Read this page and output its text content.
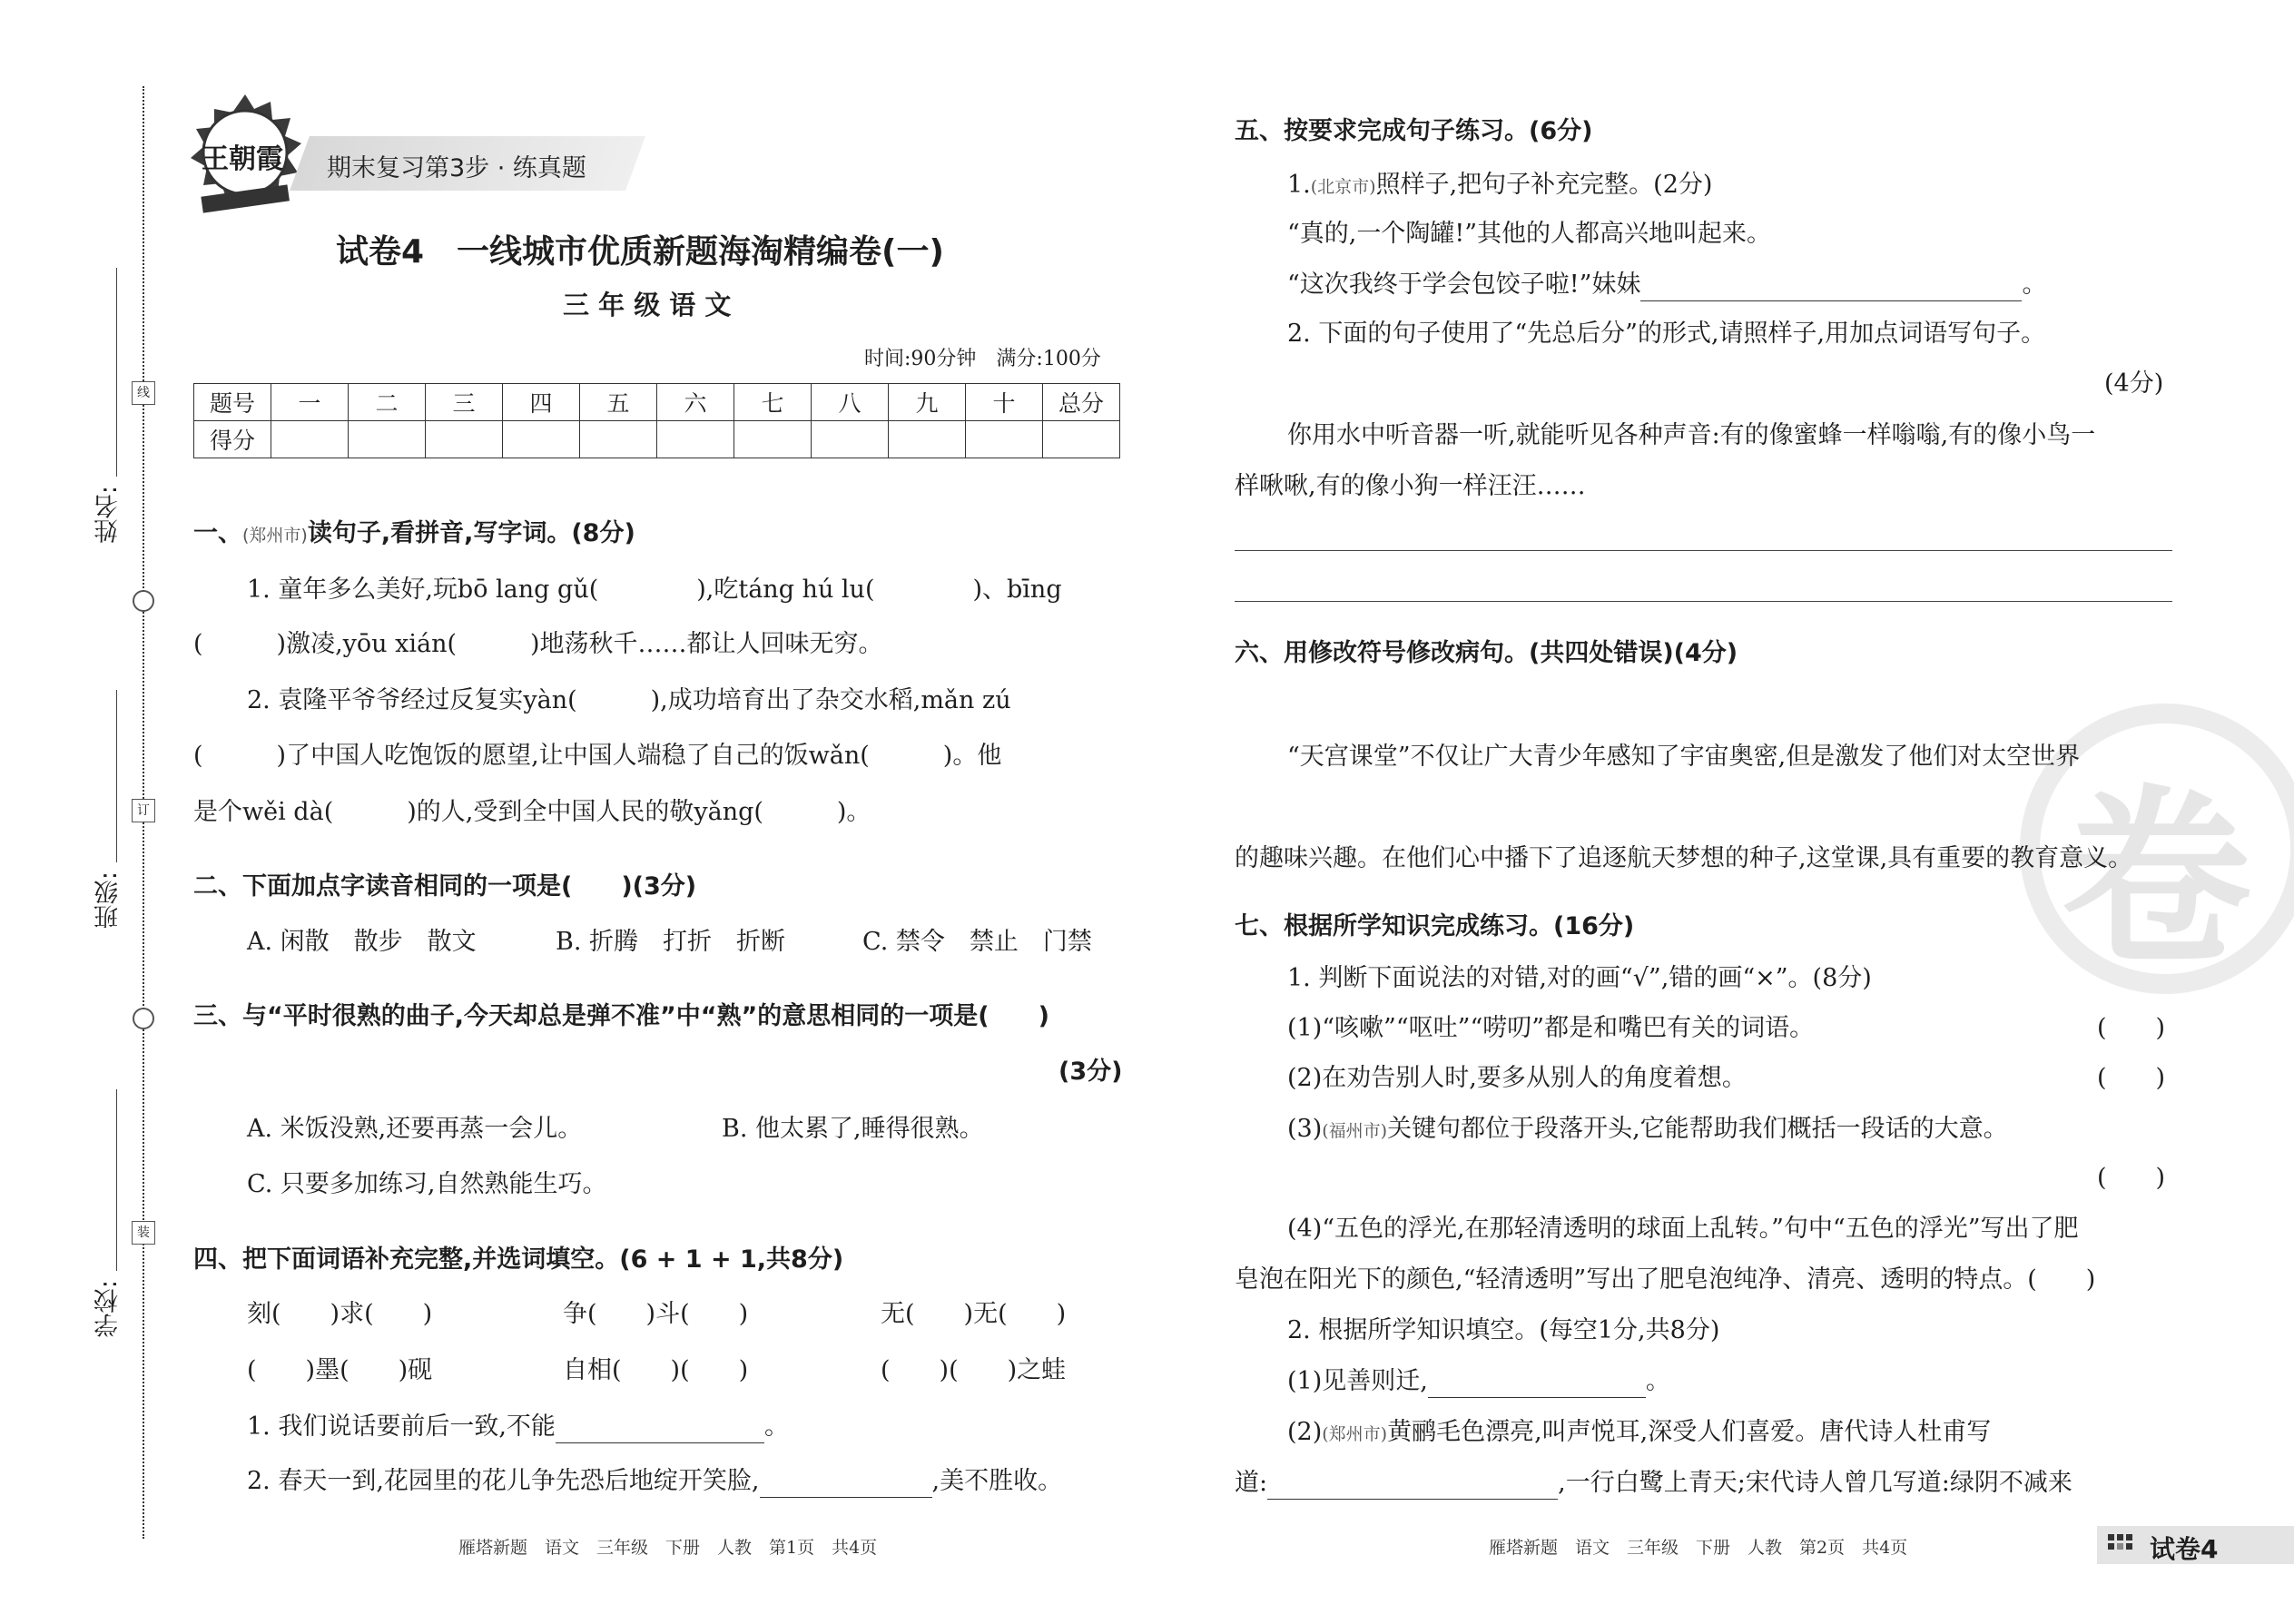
姓名:
班级:
学校:
线
订
装
王朝霞 期末复习第3步 · 练真题
试卷4　一线城市优质新题海淘精编卷(一)
三 年 级 语 文
时间:90分钟　满分:100分
题号	一	二	三	四	五	六	七	八	九	十	总分
得分											
一、(郑州市)读句子,看拼音,写字词。(8分)
1. 童年多么美好,玩bō lang gǔ(　　　　),吃táng hú lu(　　　　)、bīng
(　　　)激凌,yōu xián(　　　)地荡秋千……都让人回味无穷。
2. 袁隆平爷爷经过反复实yàn(　　　),成功培育出了杂交水稻,mǎn zú
(　　　)了中国人吃饱饭的愿望,让中国人端稳了自己的饭wǎn(　　　)。他
是个wěi dà(　　　)的人,受到全中国人民的敬yǎng(　　　)。
二、下面加点字读音相同的一项是(　　)(3分)
A. 闲散　散步　散文	B. 折腾　打折　折断	C. 禁令　禁止　门禁
三、与“平时很熟的曲子,今天却总是弹不准”中“熟”的意思相同的一项是(　　)
(3分)
A. 米饭没熟,还要再蒸一会儿。	B. 他太累了,睡得很熟。
C. 只要多加练习,自然熟能生巧。
四、把下面词语补充完整,并选词填空。(6 + 1 + 1,共8分)
刻(　　)求(　　)	争(　　)斗(　　)	无(　　)无(　　)
(　　)墨(　　)砚	自相(　　)(　　)	(　　)(　　)之蛙
1. 我们说话要前后一致,不能	。
2. 春天一到,花园里的花儿争先恐后地绽开笑脸,	,美不胜收。
雁塔新题　语文　三年级　下册　人教　第1页　共4页
卷
五、按要求完成句子练习。(6分)
1.(北京市)照样子,把句子补充完整。(2分)
“真的,一个陶罐!”其他的人都高兴地叫起来。
“这次我终于学会包饺子啦!”妹妹	。
2. 下面的句子使用了“先总后分”的形式,请照样子,用加点词语写句子。
(4分)
你用水中听音器一听,就能听见各种声音:有的像蜜蜂一样嗡嗡,有的像小鸟一
样啾啾,有的像小狗一样汪汪……
六、用修改符号修改病句。(共四处错误)(4分)
“天宫课堂”不仅让广大青少年感知了宇宙奥密,但是激发了他们对太空世界
的趣味兴趣。在他们心中播下了追逐航天梦想的种子,这堂课,具有重要的教育意义。
七、根据所学知识完成练习。(16分)
1. 判断下面说法的对错,对的画“√”,错的画“×”。(8分)
(1)“咳嗽”“呕吐”“唠叨”都是和嘴巴有关的词语。	(　　)
(2)在劝告别人时,要多从别人的角度着想。	(　　)
(3)(福州市)关键句都位于段落开头,它能帮助我们概括一段话的大意。
(　　)
(4)“五色的浮光,在那轻清透明的球面上乱转。”句中“五色的浮光”写出了肥
皂泡在阳光下的颜色,“轻清透明”写出了肥皂泡纯净、清亮、透明的特点。(　　)
2. 根据所学知识填空。(每空1分,共8分)
(1)见善则迁,	。
(2)(郑州市)黄鹂毛色漂亮,叫声悦耳,深受人们喜爱。唐代诗人杜甫写
道:	,一行白鹭上青天;宋代诗人曾几写道:绿阴不减来
雁塔新题　语文　三年级　下册　人教　第2页　共4页	试卷4
